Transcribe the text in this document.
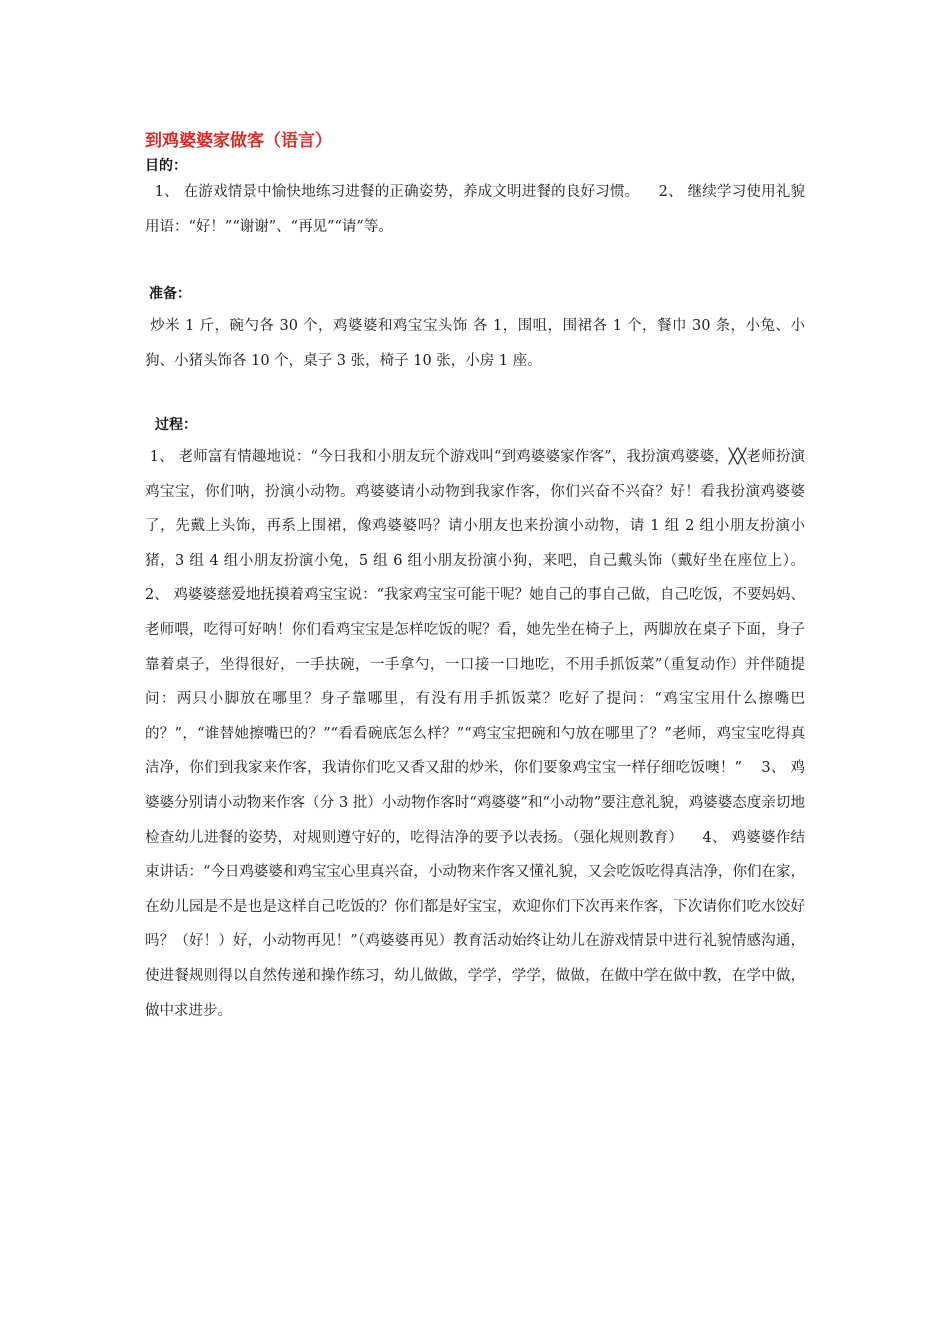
到鸡婆婆家做客（语言）
目的：

1、 在游戏情景中愉快地练习进餐的正确姿势，养成文明进餐的良好习惯。    2、 继续学习使用礼貌用语：“好！”“谢谢”、“再见”“请”等。

准备：

炒米 1 斤，碗勺各 30 个，鸡婆婆和鸡宝宝头饰 各 1，围咀，围裙各 1 个，餐巾 30 条，小兔、小狗、小猪头饰各 10 个，桌子 3 张，椅子 10 张，小房 1 座。

过程：

1、 老师富有情趣地说：“今日我和小朋友玩个游戏叫“到鸡婆婆家作客”，我扮演鸡婆婆，╳╳老师扮演鸡宝宝，你们呐，扮演小动物。鸡婆婆请小动物到我家作客，你们兴奋不兴奋？好！看我扮演鸡婆婆了，先戴上头饰，再系上围裙，像鸡婆婆吗？请小朋友也来扮演小动物，请 1 组 2 组小朋友扮演小猪，3 组 4 组小朋友扮演小兔，5 组 6 组小朋友扮演小狗，来吧，自己戴头饰（戴好坐在座位上）。    2、 鸡婆婆慈爱地抚摸着鸡宝宝说：“我家鸡宝宝可能干呢？她自己的事自己做，自己吃饭，不要妈妈、老师喂，吃得可好呐！你们看鸡宝宝是怎样吃饭的呢？看，她先坐在椅子上，两脚放在桌子下面，身子靠着桌子，坐得很好，一手扶碗，一手拿勺，一口接一口地吃，不用手抓饭菜”（重复动作）并伴随提问：两只小脚放在哪里？身子靠哪里，有没有用手抓饭菜？吃好了提问：“鸡宝宝用什么擦嘴巴的？”，“谁替她擦嘴巴的？”“看看碗底怎么样？”“鸡宝宝把碗和勺放在哪里了？”老师，鸡宝宝吃得真洁净，你们到我家来作客，我请你们吃又香又甜的炒米，你们要象鸡宝宝一样仔细吃饭噢！”    3、 鸡婆婆分别请小动物来作客（分 3 批）小动物作客时“鸡婆婆”和“小动物”要注意礼貌，鸡婆婆态度亲切地检查幼儿进餐的姿势，对规则遵守好的，吃得洁净的要予以表扬。（强化规则教育）    4、 鸡婆婆作结束讲话：“今日鸡婆婆和鸡宝宝心里真兴奋，小动物来作客又懂礼貌，又会吃饭吃得真洁净，你们在家，在幼儿园是不是也是这样自己吃饭的？你们都是好宝宝，欢迎你们下次再来作客，下次请你们吃水饺好吗？（好！）好，小动物再见！”（鸡婆婆再见）教育活动始终让幼儿在游戏情景中进行礼貌情感沟通，使进餐规则得以自然传递和操作练习，幼儿做做，学学，学学，做做，在做中学在做中教，在学中做，做中求进步。
